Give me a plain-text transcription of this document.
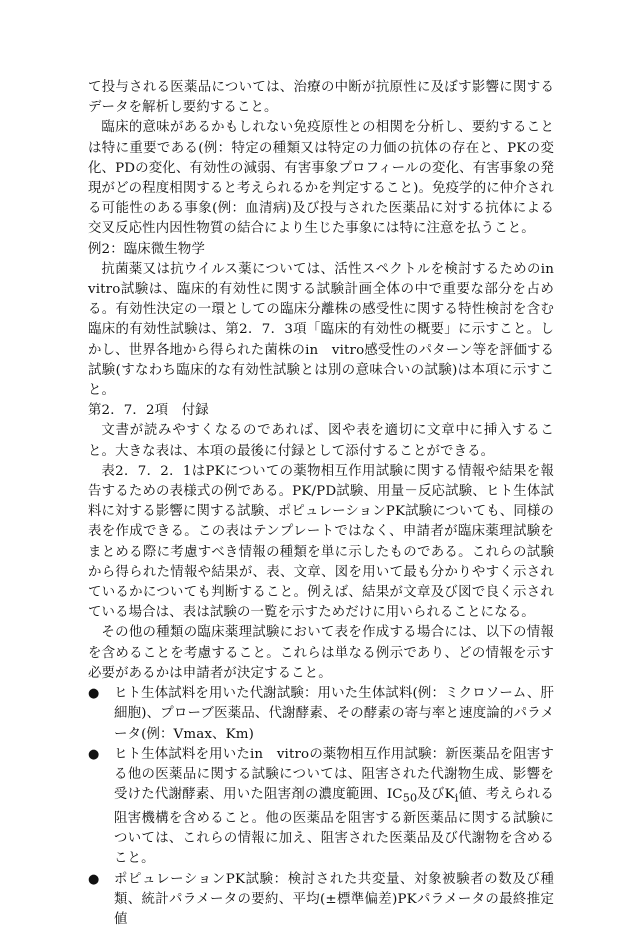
て投与される医薬品については、治療の中断が抗原性に及ぼす影響に関するデータを解析し要約すること。

臨床的意味があるかもしれない免疫原性との相関を分析し、要約することは特に重要である(例：特定の種類又は特定の力価の抗体の存在と、PKの変化、PDの変化、有効性の減弱、有害事象プロフィールの変化、有害事象の発現がどの程度相関すると考えられるかを判定すること)。免疫学的に仲介される可能性のある事象(例：血清病)及び投与された医薬品に対する抗体による交叉反応性内因性物質の結合により生じた事象には特に注意を払うこと。

例2：臨床微生物学

抗菌薬又は抗ウイルス薬については、活性スペクトルを検討するためのin　vitro試験は、臨床的有効性に関する試験計画全体の中で重要な部分を占める。有効性決定の一環としての臨床分離株の感受性に関する特性検討を含む臨床的有効性試験は、第2．7．3項「臨床的有効性の概要」に示すこと。しかし、世界各地から得られた菌株のin　vitro感受性のパターン等を評価する試験(すなわち臨床的な有効性試験とは別の意味合いの試験)は本項に示すこと。

第2．7．2項　付録

文書が読みやすくなるのであれば、図や表を適切に文章中に挿入すること。大きな表は、本項の最後に付録として添付することができる。

表2．7．2．1はPKについての薬物相互作用試験に関する情報や結果を報告するための表様式の例である。PK/PD試験、用量－反応試験、ヒト生体試料に対する影響に関する試験、ポピュレーションPK試験についても、同様の表を作成できる。この表はテンプレートではなく、申請者が臨床薬理試験をまとめる際に考慮すべき情報の種類を単に示したものである。これらの試験から得られた情報や結果が、表、文章、図を用いて最も分かりやすく示されているかについても判断すること。例えば、結果が文章及び図で良く示されている場合は、表は試験の一覧を示すためだけに用いられることになる。

その他の種類の臨床薬理試験において表を作成する場合には、以下の情報を含めることを考慮すること。これらは単なる例示であり、どの情報を示す必要があるかは申請者が決定すること。

● ヒト生体試料を用いた代謝試験：用いた生体試料(例：ミクロソーム、肝細胞)、プローブ医薬品、代謝酵素、その酵素の寄与率と速度論的パラメータ(例：Vmax、Km)
● ヒト生体試料を用いたin　vitroの薬物相互作用試験：新医薬品を阻害する他の医薬品に関する試験については、阻害された代謝物生成、影響を受けた代謝酵素、用いた阻害剤の濃度範囲、$IC_{50}$及び$K_i$値、考えられる阻害機構を含めること。他の医薬品を阻害する新医薬品に関する試験については、これらの情報に加え、阻害された医薬品及び代謝物を含めること。
● ポピュレーションPK試験：検討された共変量、対象被験者の数及び種類、統計パラメータの要約、平均(±標準偏差)PKパラメータの最終推定値
